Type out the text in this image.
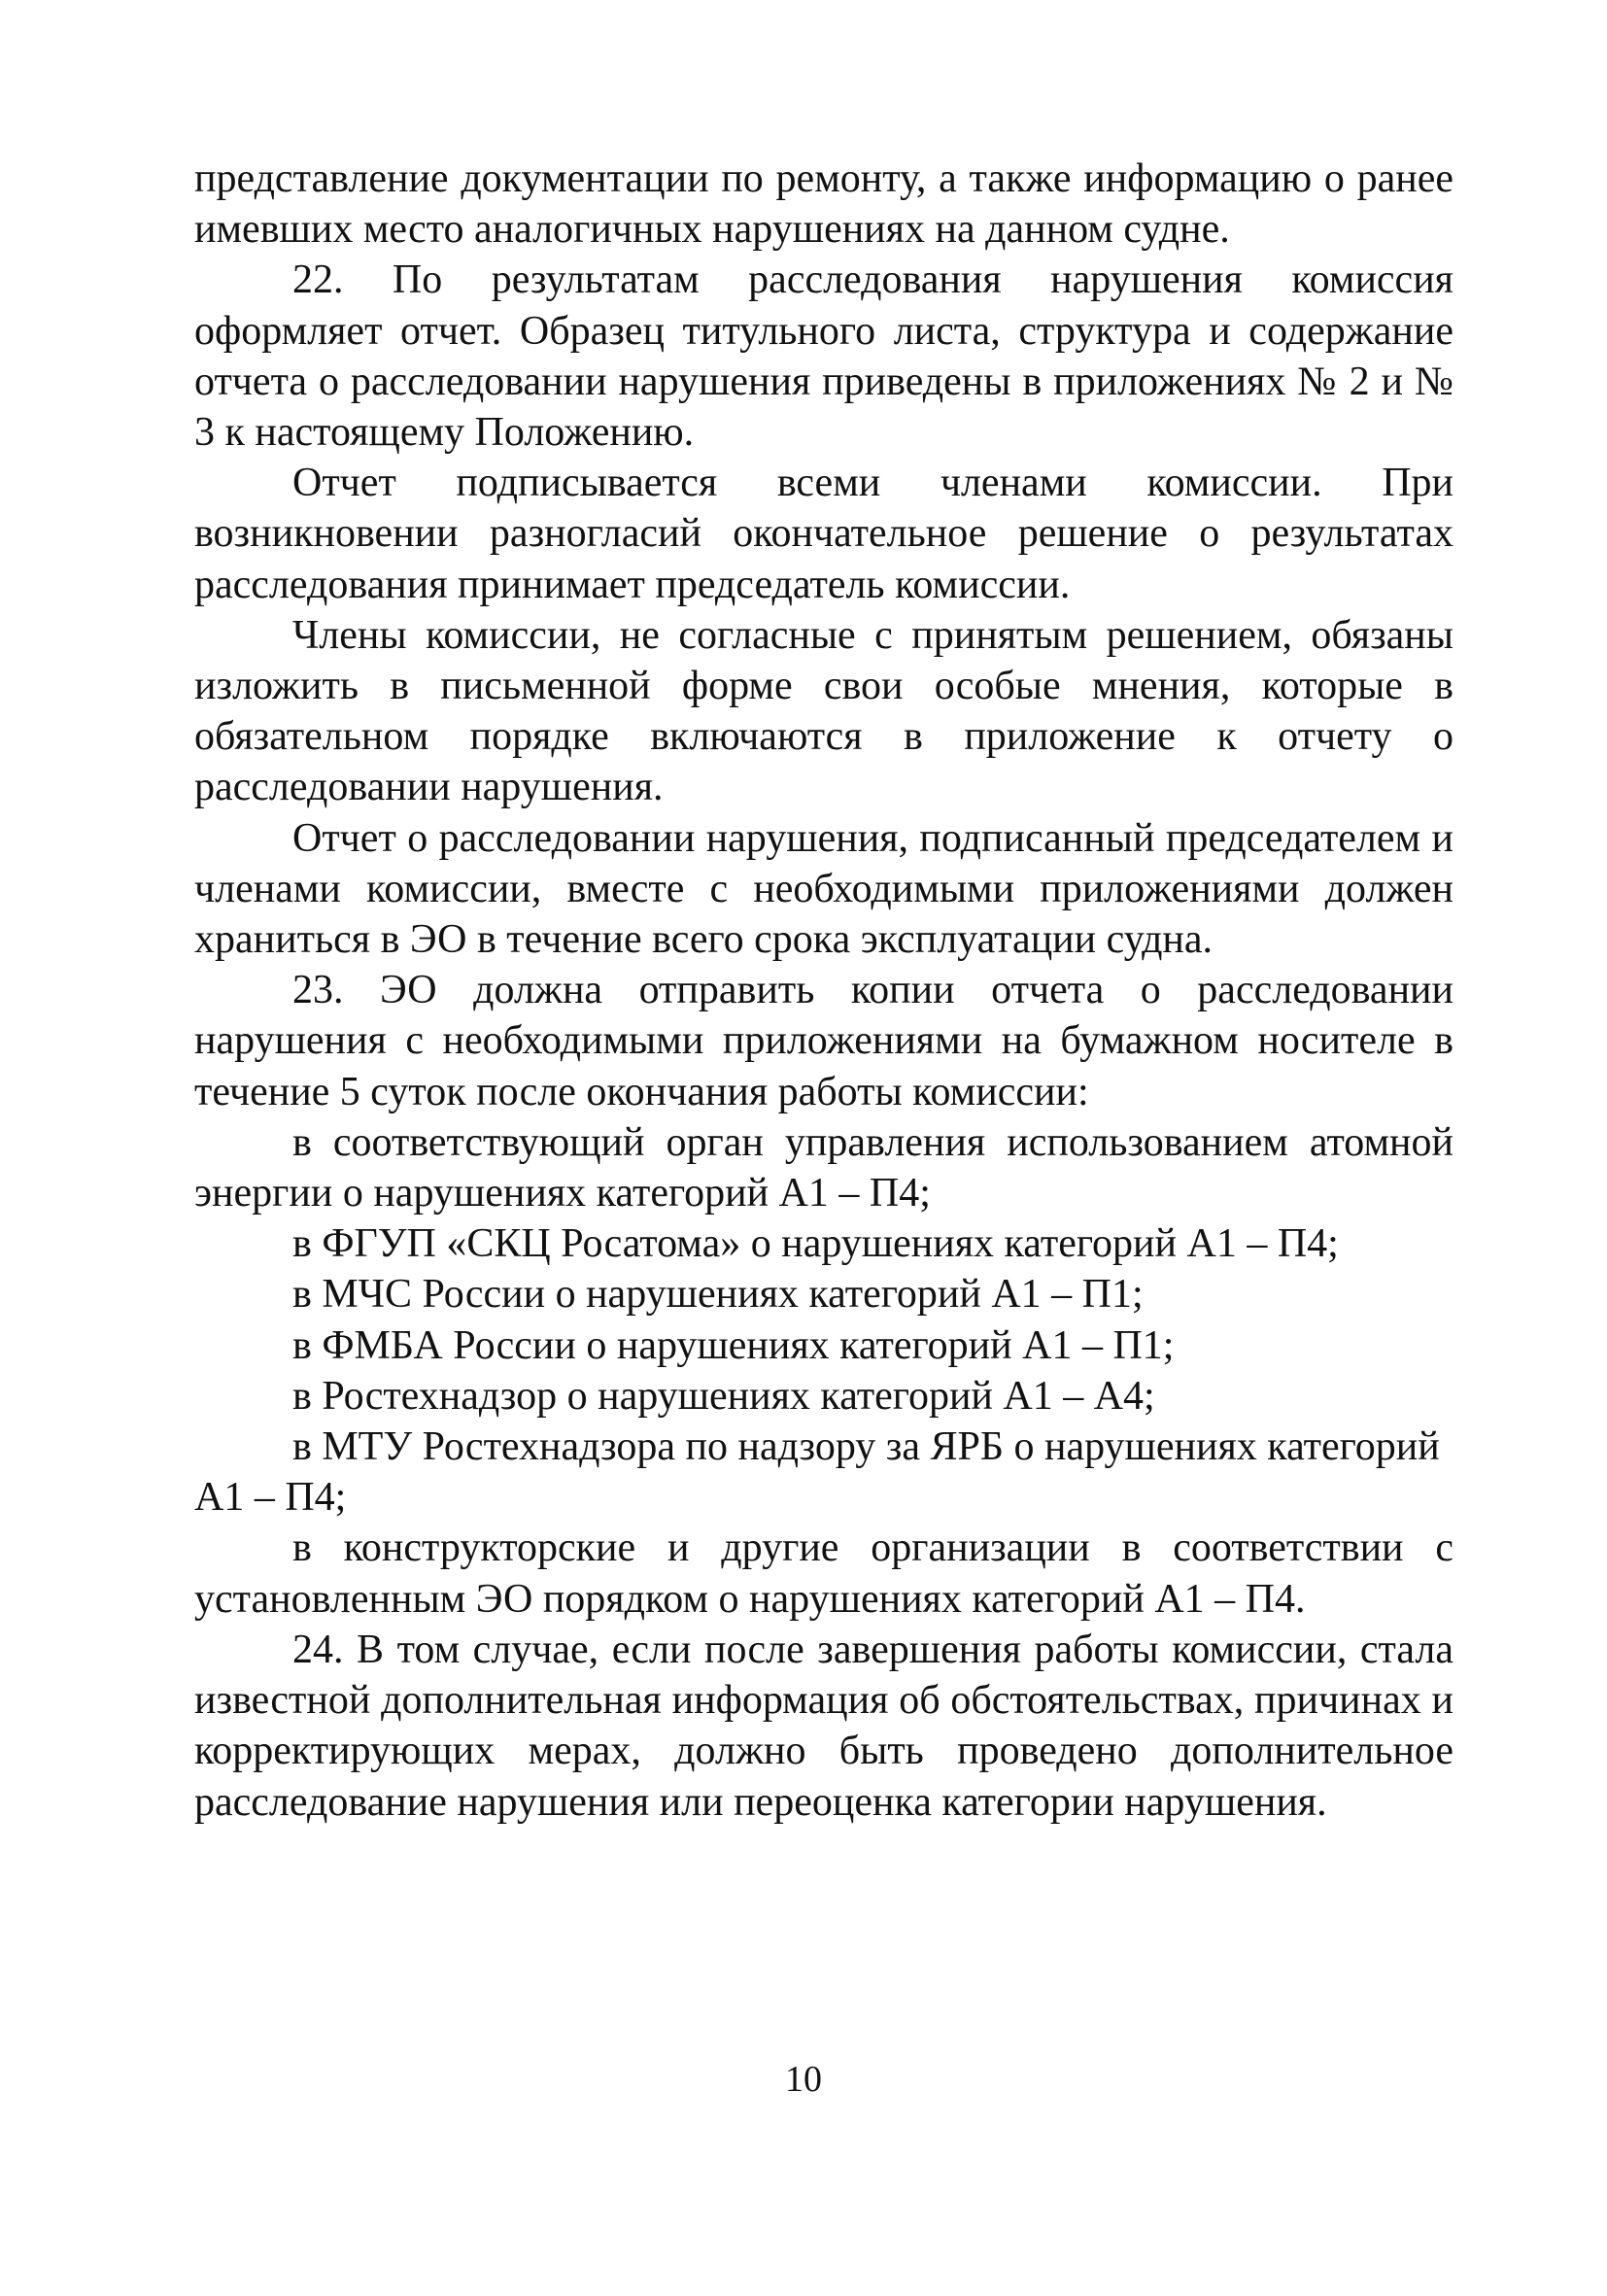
представление документации по ремонту, а также информацию о ранее имевших место аналогичных нарушениях на данном судне.

22. По результатам расследования нарушения комиссия оформляет отчет. Образец титульного листа, структура и содержание отчета о расследовании нарушения приведены в приложениях № 2 и № 3 к настоящему Положению.

Отчет подписывается всеми членами комиссии. При возникновении разногласий окончательное решение о результатах расследования принимает председатель комиссии.

Члены комиссии, не согласные с принятым решением, обязаны изложить в письменной форме свои особые мнения, которые в обязательном порядке включаются в приложение к отчету о расследовании нарушения.

Отчет о расследовании нарушения, подписанный председателем и членами комиссии, вместе с необходимыми приложениями должен храниться в ЭО в течение всего срока эксплуатации судна.

23. ЭО должна отправить копии отчета о расследовании нарушения с необходимыми приложениями на бумажном носителе в течение 5 суток после окончания работы комиссии:

в соответствующий орган управления использованием атомной энергии о нарушениях категорий А1 – П4;

в ФГУП «СКЦ Росатома» о нарушениях категорий А1 – П4;

в МЧС России о нарушениях категорий А1 – П1;

в ФМБА России о нарушениях категорий А1 – П1;

в Ростехнадзор о нарушениях категорий А1 – А4;

в МТУ Ростехнадзора по надзору за ЯРБ о нарушениях категорий

А1 – П4;

в конструкторские и другие организации в соответствии с установленным ЭО порядком о нарушениях категорий А1 – П4.

24. В том случае, если после завершения работы комиссии, стала известной дополнительная информация об обстоятельствах, причинах и корректирующих мерах, должно быть проведено дополнительное расследование нарушения или переоценка категории нарушения.

10
